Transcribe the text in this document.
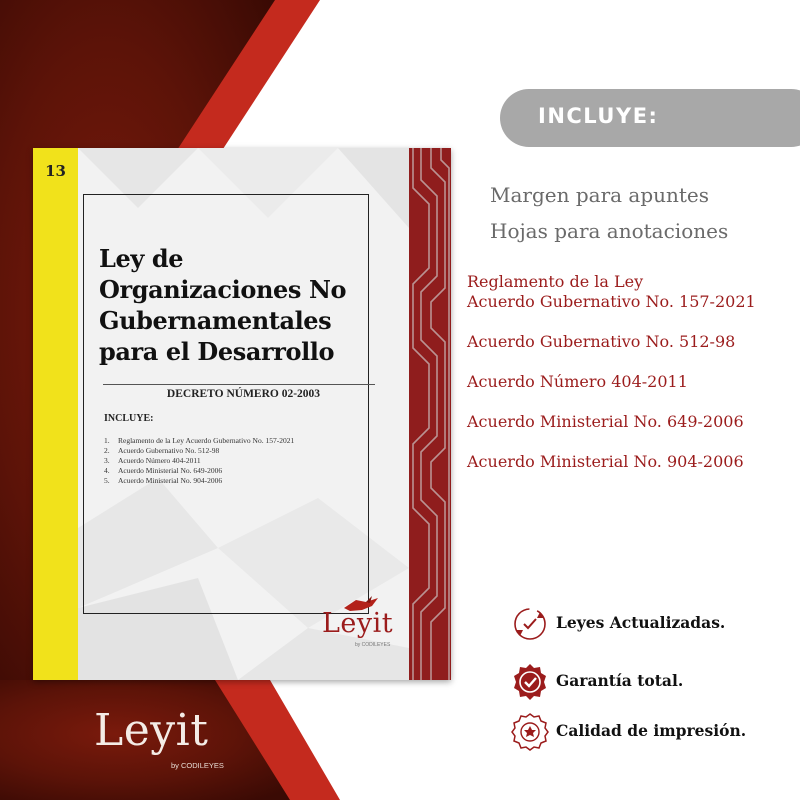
13
Ley de
Organizaciones No
Gubernamentales
para el Desarrollo
DECRETO NÚMERO 02-2003
INCLUYE:
1.	Reglamento de la Ley Acuerdo Gubernativo No. 157-2021
2.	Acuerdo Gubernativo No. 512-98
3.	Acuerdo Número 404-2011
4.	Acuerdo Ministerial No. 649-2006
5.	Acuerdo Ministerial No. 904-2006
Leyit
by CODILEYES
Leyit
by CODILEYES
INCLUYE:
Margen para apuntes
Hojas para anotaciones
Reglamento de la Ley
Acuerdo Gubernativo No. 157-2021
Acuerdo Gubernativo No. 512-98
Acuerdo Número 404-2011
Acuerdo Ministerial No. 649-2006
Acuerdo Ministerial No. 904-2006
Leyes Actualizadas.
Garantía total.
Calidad de impresión.
